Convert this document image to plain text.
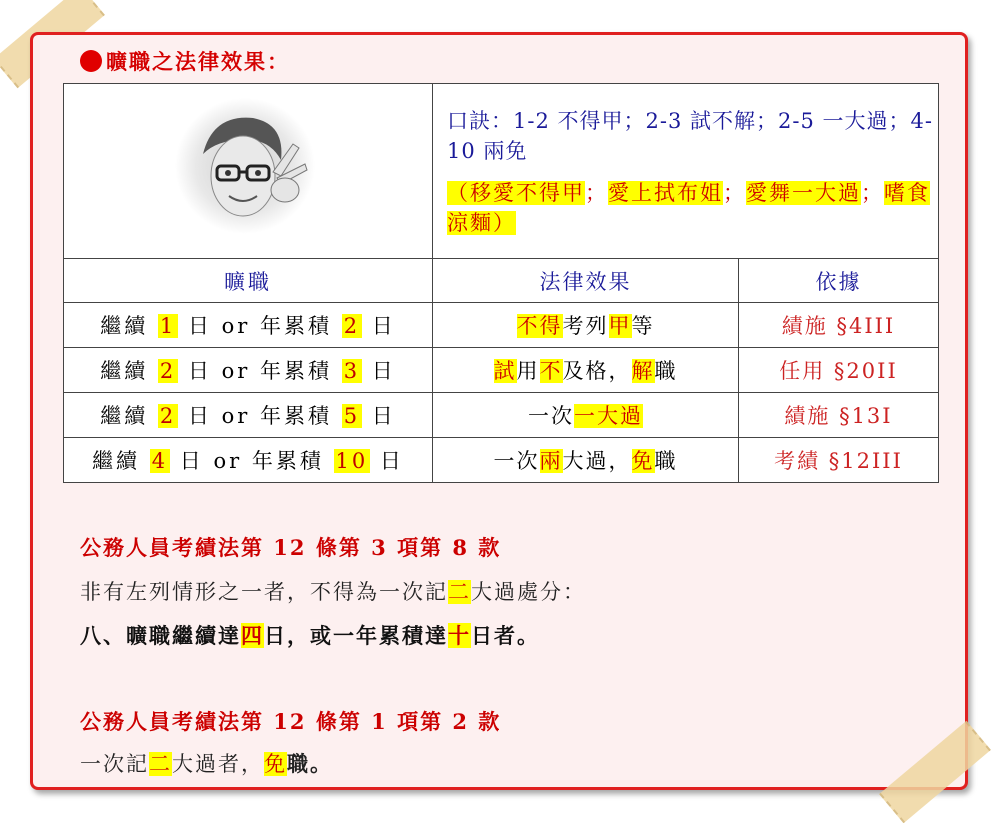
曠職之法律效果：

口訣：1-2 不得甲；2-3 試不解；2-5 一大過；4-10 兩免
（移愛不得甲；愛上拭布姐；愛舞一大過；嗜食涼麵）	

曠職	法律效果	依據
繼續 1 日 or 年累積 2 日	不得考列甲等	績施 §4III
繼續 2 日 or 年累積 3 日	試用不及格，解職	任用 §20II
繼續 2 日 or 年累積 5 日	一次一大過	績施 §13I
繼續 4 日 or 年累積 10 日	一次兩大過，免職	考績 §12III
公務人員考績法第 12 條第 3 項第 8 款
非有左列情形之一者，不得為一次記二大過處分：
八、曠職繼續達四日，或一年累積達十日者。
公務人員考績法第 12 條第 1 項第 2 款
一次記二大過者，免職。
